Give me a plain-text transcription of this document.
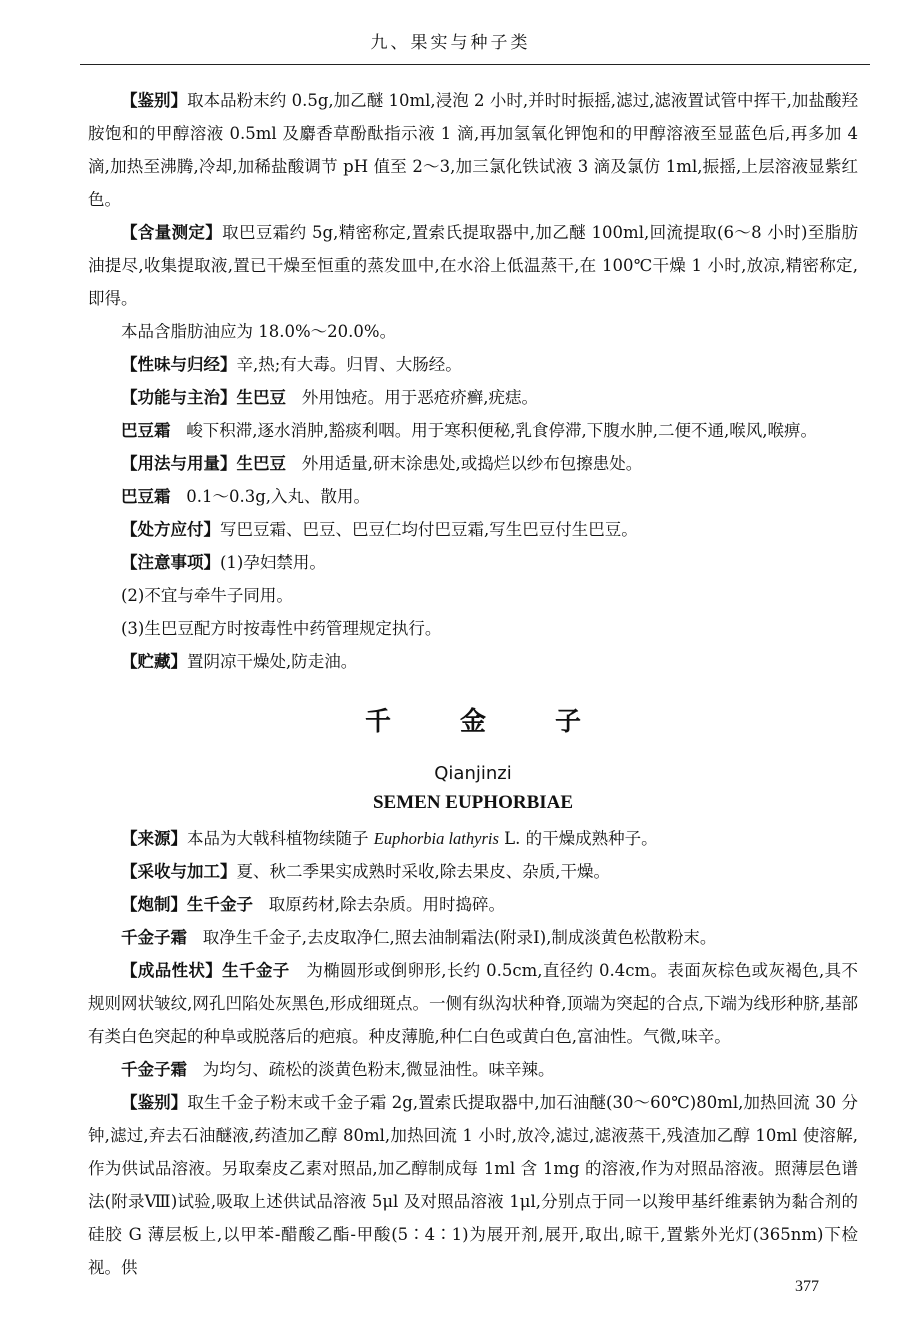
九、果实与种子类

【鉴别】取本品粉末约 0.5g,加乙醚 10ml,浸泡 2 小时,并时时振摇,滤过,滤液置试管中挥干,加盐酸羟胺饱和的甲醇溶液 0.5ml 及麝香草酚酞指示液 1 滴,再加氢氧化钾饱和的甲醇溶液至显蓝色后,再多加 4 滴,加热至沸腾,冷却,加稀盐酸调节 pH 值至 2～3,加三氯化铁试液 3 滴及氯仿 1ml,振摇,上层溶液显紫红色。

【含量测定】取巴豆霜约 5g,精密称定,置索氏提取器中,加乙醚 100ml,回流提取(6～8 小时)至脂肪油提尽,收集提取液,置已干燥至恒重的蒸发皿中,在水浴上低温蒸干,在 100℃干燥 1 小时,放凉,精密称定,即得。

本品含脂肪油应为 18.0%～20.0%。

【性味与归经】辛,热;有大毒。归胃、大肠经。

【功能与主治】生巴豆 外用蚀疮。用于恶疮疥癣,疣痣。

巴豆霜 峻下积滞,逐水消肿,豁痰利咽。用于寒积便秘,乳食停滞,下腹水肿,二便不通,喉风,喉痹。

【用法与用量】生巴豆 外用适量,研末涂患处,或捣烂以纱布包擦患处。

巴豆霜 0.1～0.3g,入丸、散用。

【处方应付】写巴豆霜、巴豆、巴豆仁均付巴豆霜,写生巴豆付生巴豆。

【注意事项】(1)孕妇禁用。

(2)不宜与牵牛子同用。

(3)生巴豆配方时按毒性中药管理规定执行。

【贮藏】置阴凉干燥处,防走油。

千 金 子
Qianjinzi
SEMEN EUPHORBIAE

【来源】本品为大戟科植物续随子 Euphorbia lathyris L. 的干燥成熟种子。

【采收与加工】夏、秋二季果实成熟时采收,除去果皮、杂质,干燥。

【炮制】生千金子 取原药材,除去杂质。用时捣碎。

千金子霜 取净生千金子,去皮取净仁,照去油制霜法(附录Ⅰ),制成淡黄色松散粉末。

【成品性状】生千金子 为椭圆形或倒卵形,长约 0.5cm,直径约 0.4cm。表面灰棕色或灰褐色,具不规则网状皱纹,网孔凹陷处灰黑色,形成细斑点。一侧有纵沟状种脊,顶端为突起的合点,下端为线形种脐,基部有类白色突起的种阜或脱落后的疤痕。种皮薄脆,种仁白色或黄白色,富油性。气微,味辛。

千金子霜 为均匀、疏松的淡黄色粉末,微显油性。味辛辣。

【鉴别】取生千金子粉末或千金子霜 2g,置索氏提取器中,加石油醚(30～60℃)80ml,加热回流 30 分钟,滤过,弃去石油醚液,药渣加乙醇 80ml,加热回流 1 小时,放冷,滤过,滤液蒸干,残渣加乙醇 10ml 使溶解,作为供试品溶液。另取秦皮乙素对照品,加乙醇制成每 1ml 含 1mg 的溶液,作为对照品溶液。照薄层色谱法(附录Ⅷ)试验,吸取上述供试品溶液 5μl 及对照品溶液 1μl,分别点于同一以羧甲基纤维素钠为黏合剂的硅胶 G 薄层板上,以甲苯-醋酸乙酯-甲酸(5∶4∶1)为展开剂,展开,取出,晾干,置紫外光灯(365nm)下检视。供

377
